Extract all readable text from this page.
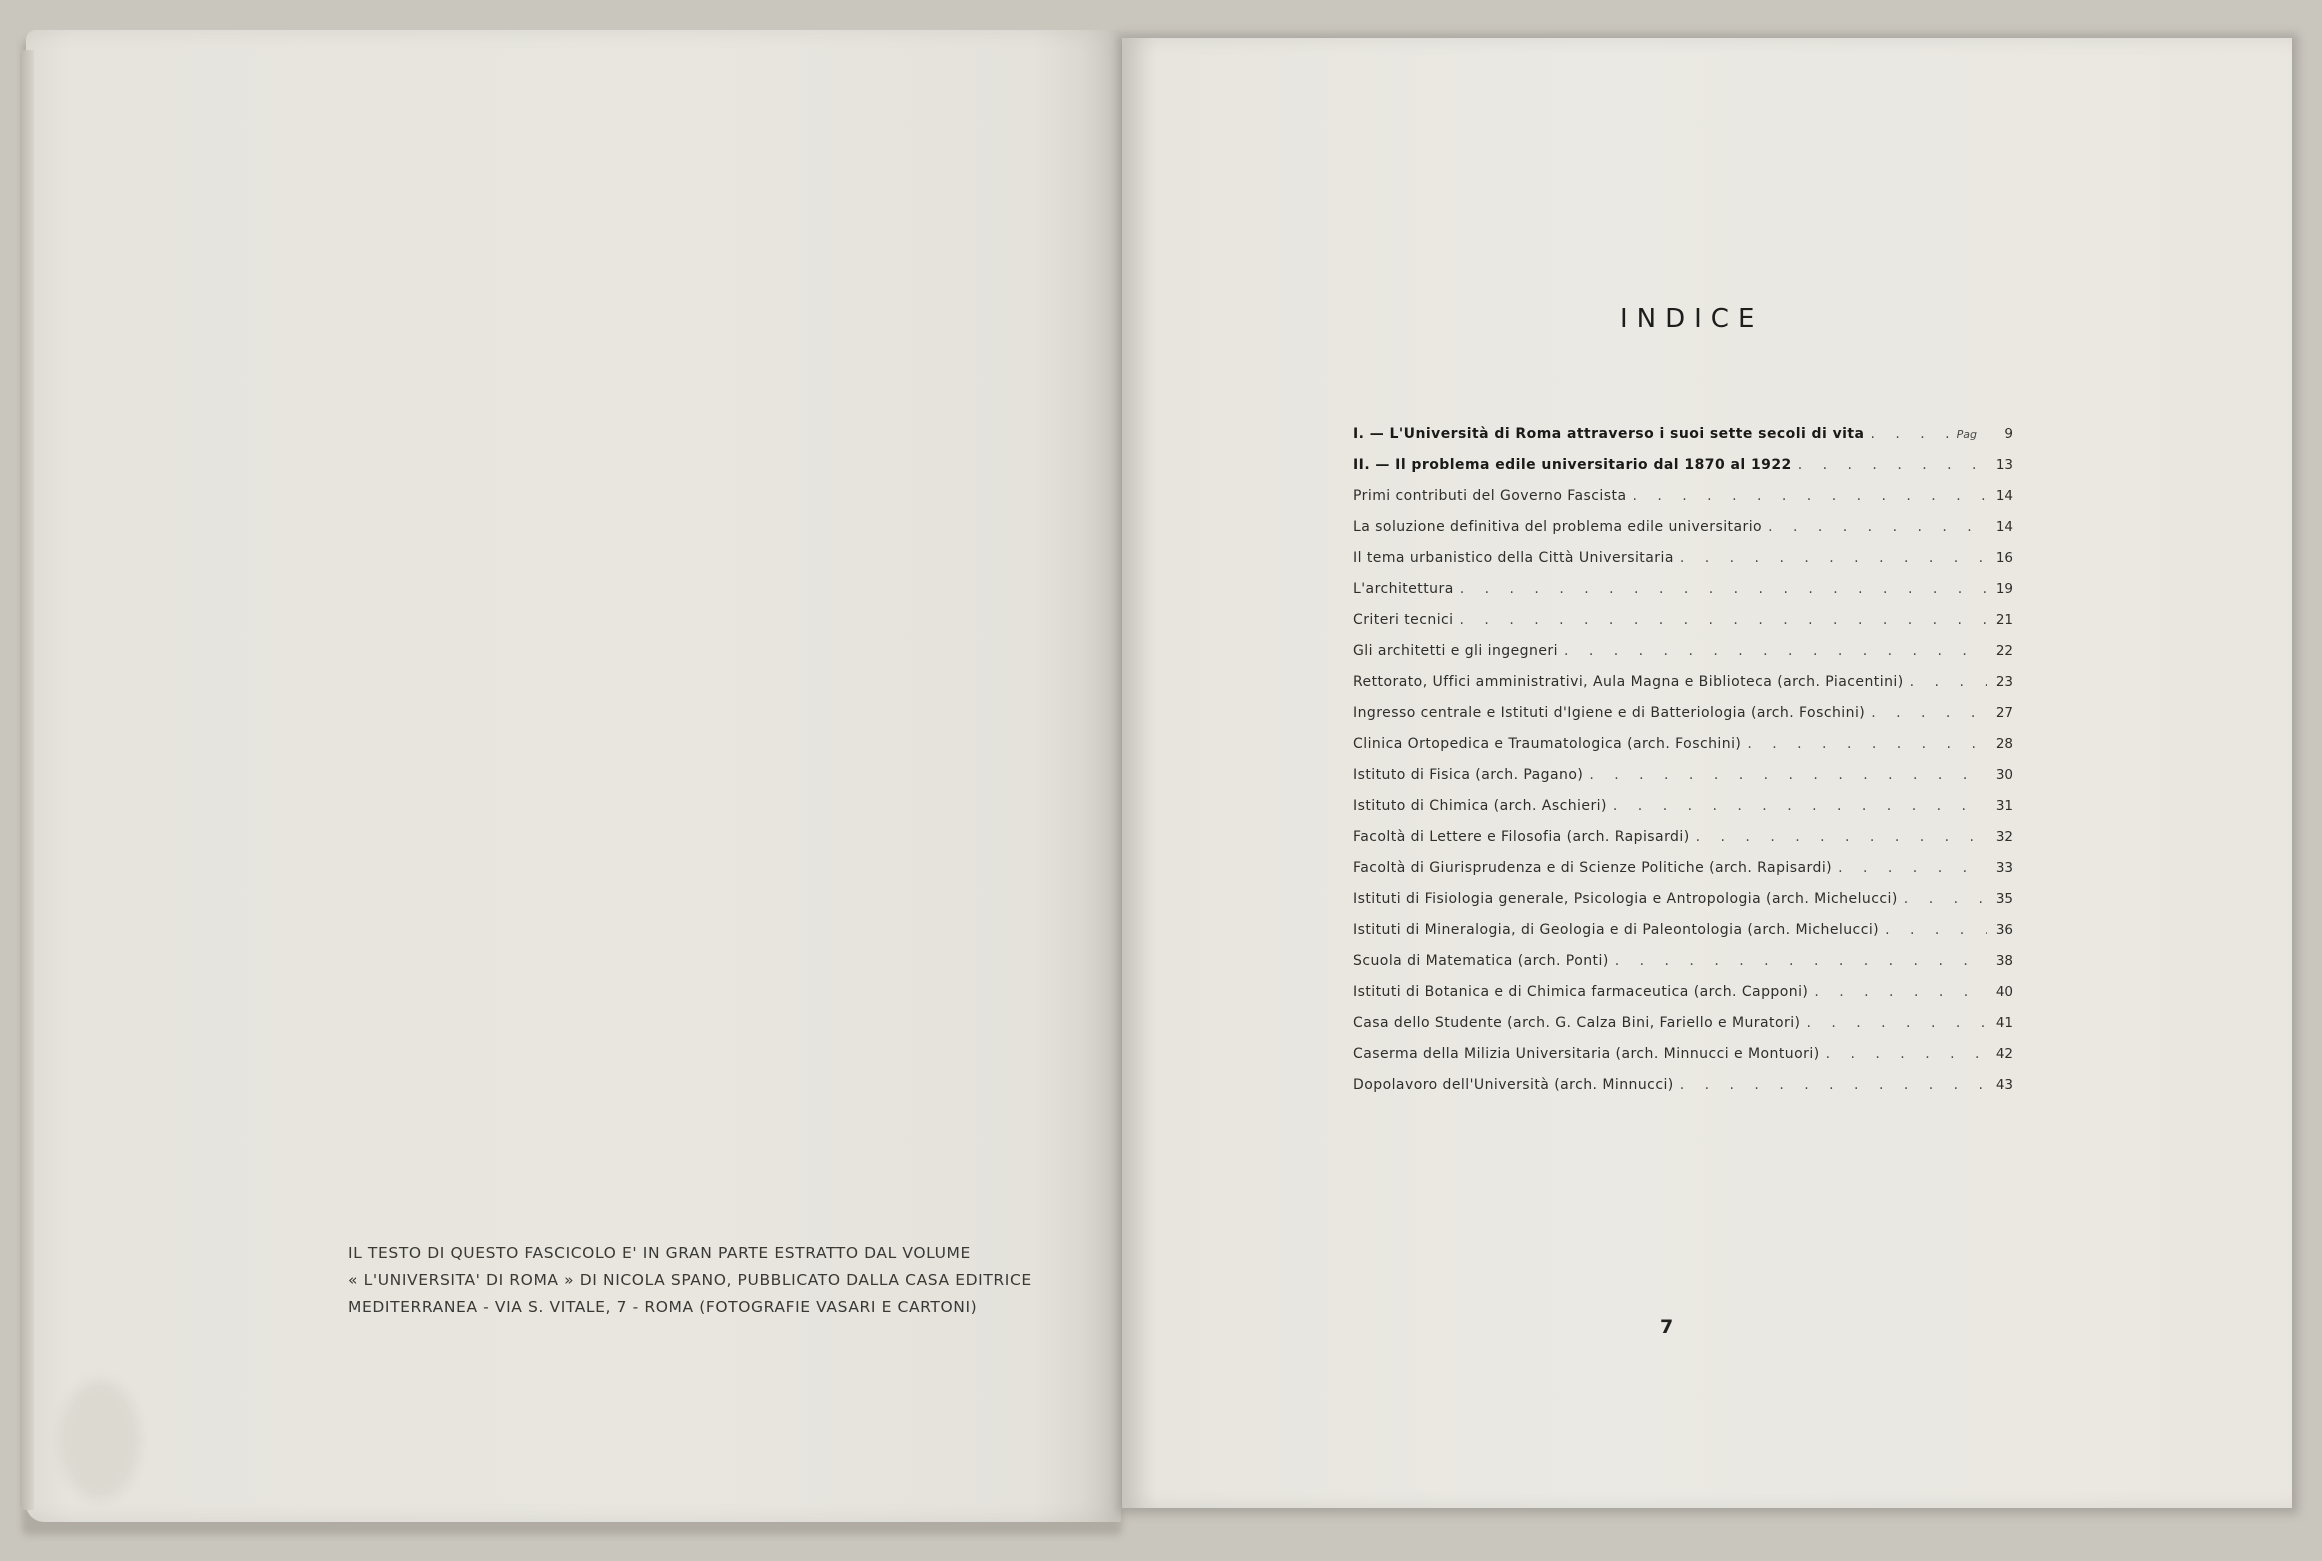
IL TESTO DI QUESTO FASCICOLO E' IN GRAN PARTE ESTRATTO DAL VOLUME
« L'UNIVERSITA' DI ROMA » DI NICOLA SPANO, PUBBLICATO DALLA CASA EDITRICE
MEDITERRANEA - VIA S. VITALE, 7 - ROMA (FOTOGRAFIE VASARI E CARTONI)
INDICE
I. — L'Università di Roma attraverso i suoi sette secoli di vita . . .	Pag	9
II. — Il problema edile universitario dal 1870 al 1922 . . .	13
Primi contributi del Governo Fascista . . .	14
La soluzione definitiva del problema edile universitario . . .	14
Il tema urbanistico della Città Universitaria . . .	16
L'architettura . . .	19
Criteri tecnici . . .	21
Gli architetti e gli ingegneri . . .	22
Rettorato, Uffici amministrativi, Aula Magna e Biblioteca (arch. Piacentini) . . .	23
Ingresso centrale e Istituti d'Igiene e di Batteriologia (arch. Foschini) . . .	27
Clinica Ortopedica e Traumatologica (arch. Foschini) . . .	28
Istituto di Fisica (arch. Pagano) . . .	30
Istituto di Chimica (arch. Aschieri) . . .	31
Facoltà di Lettere e Filosofia (arch. Rapisardi) . . .	32
Facoltà di Giurisprudenza e di Scienze Politiche (arch. Rapisardi) . . .	33
Istituti di Fisiologia generale, Psicologia e Antropologia (arch. Michelucci) . . .	35
Istituti di Mineralogia, di Geologia e di Paleontologia (arch. Michelucci) . . .	36
Scuola di Matematica (arch. Ponti) . . .	38
Istituti di Botanica e di Chimica farmaceutica (arch. Capponi) . . .	40
Casa dello Studente (arch. G. Calza Bini, Fariello e Muratori) . . .	41
Caserma della Milizia Universitaria (arch. Minnucci e Montuori) . . .	42
Dopolavoro dell'Università (arch. Minnucci) . . .	43
7
